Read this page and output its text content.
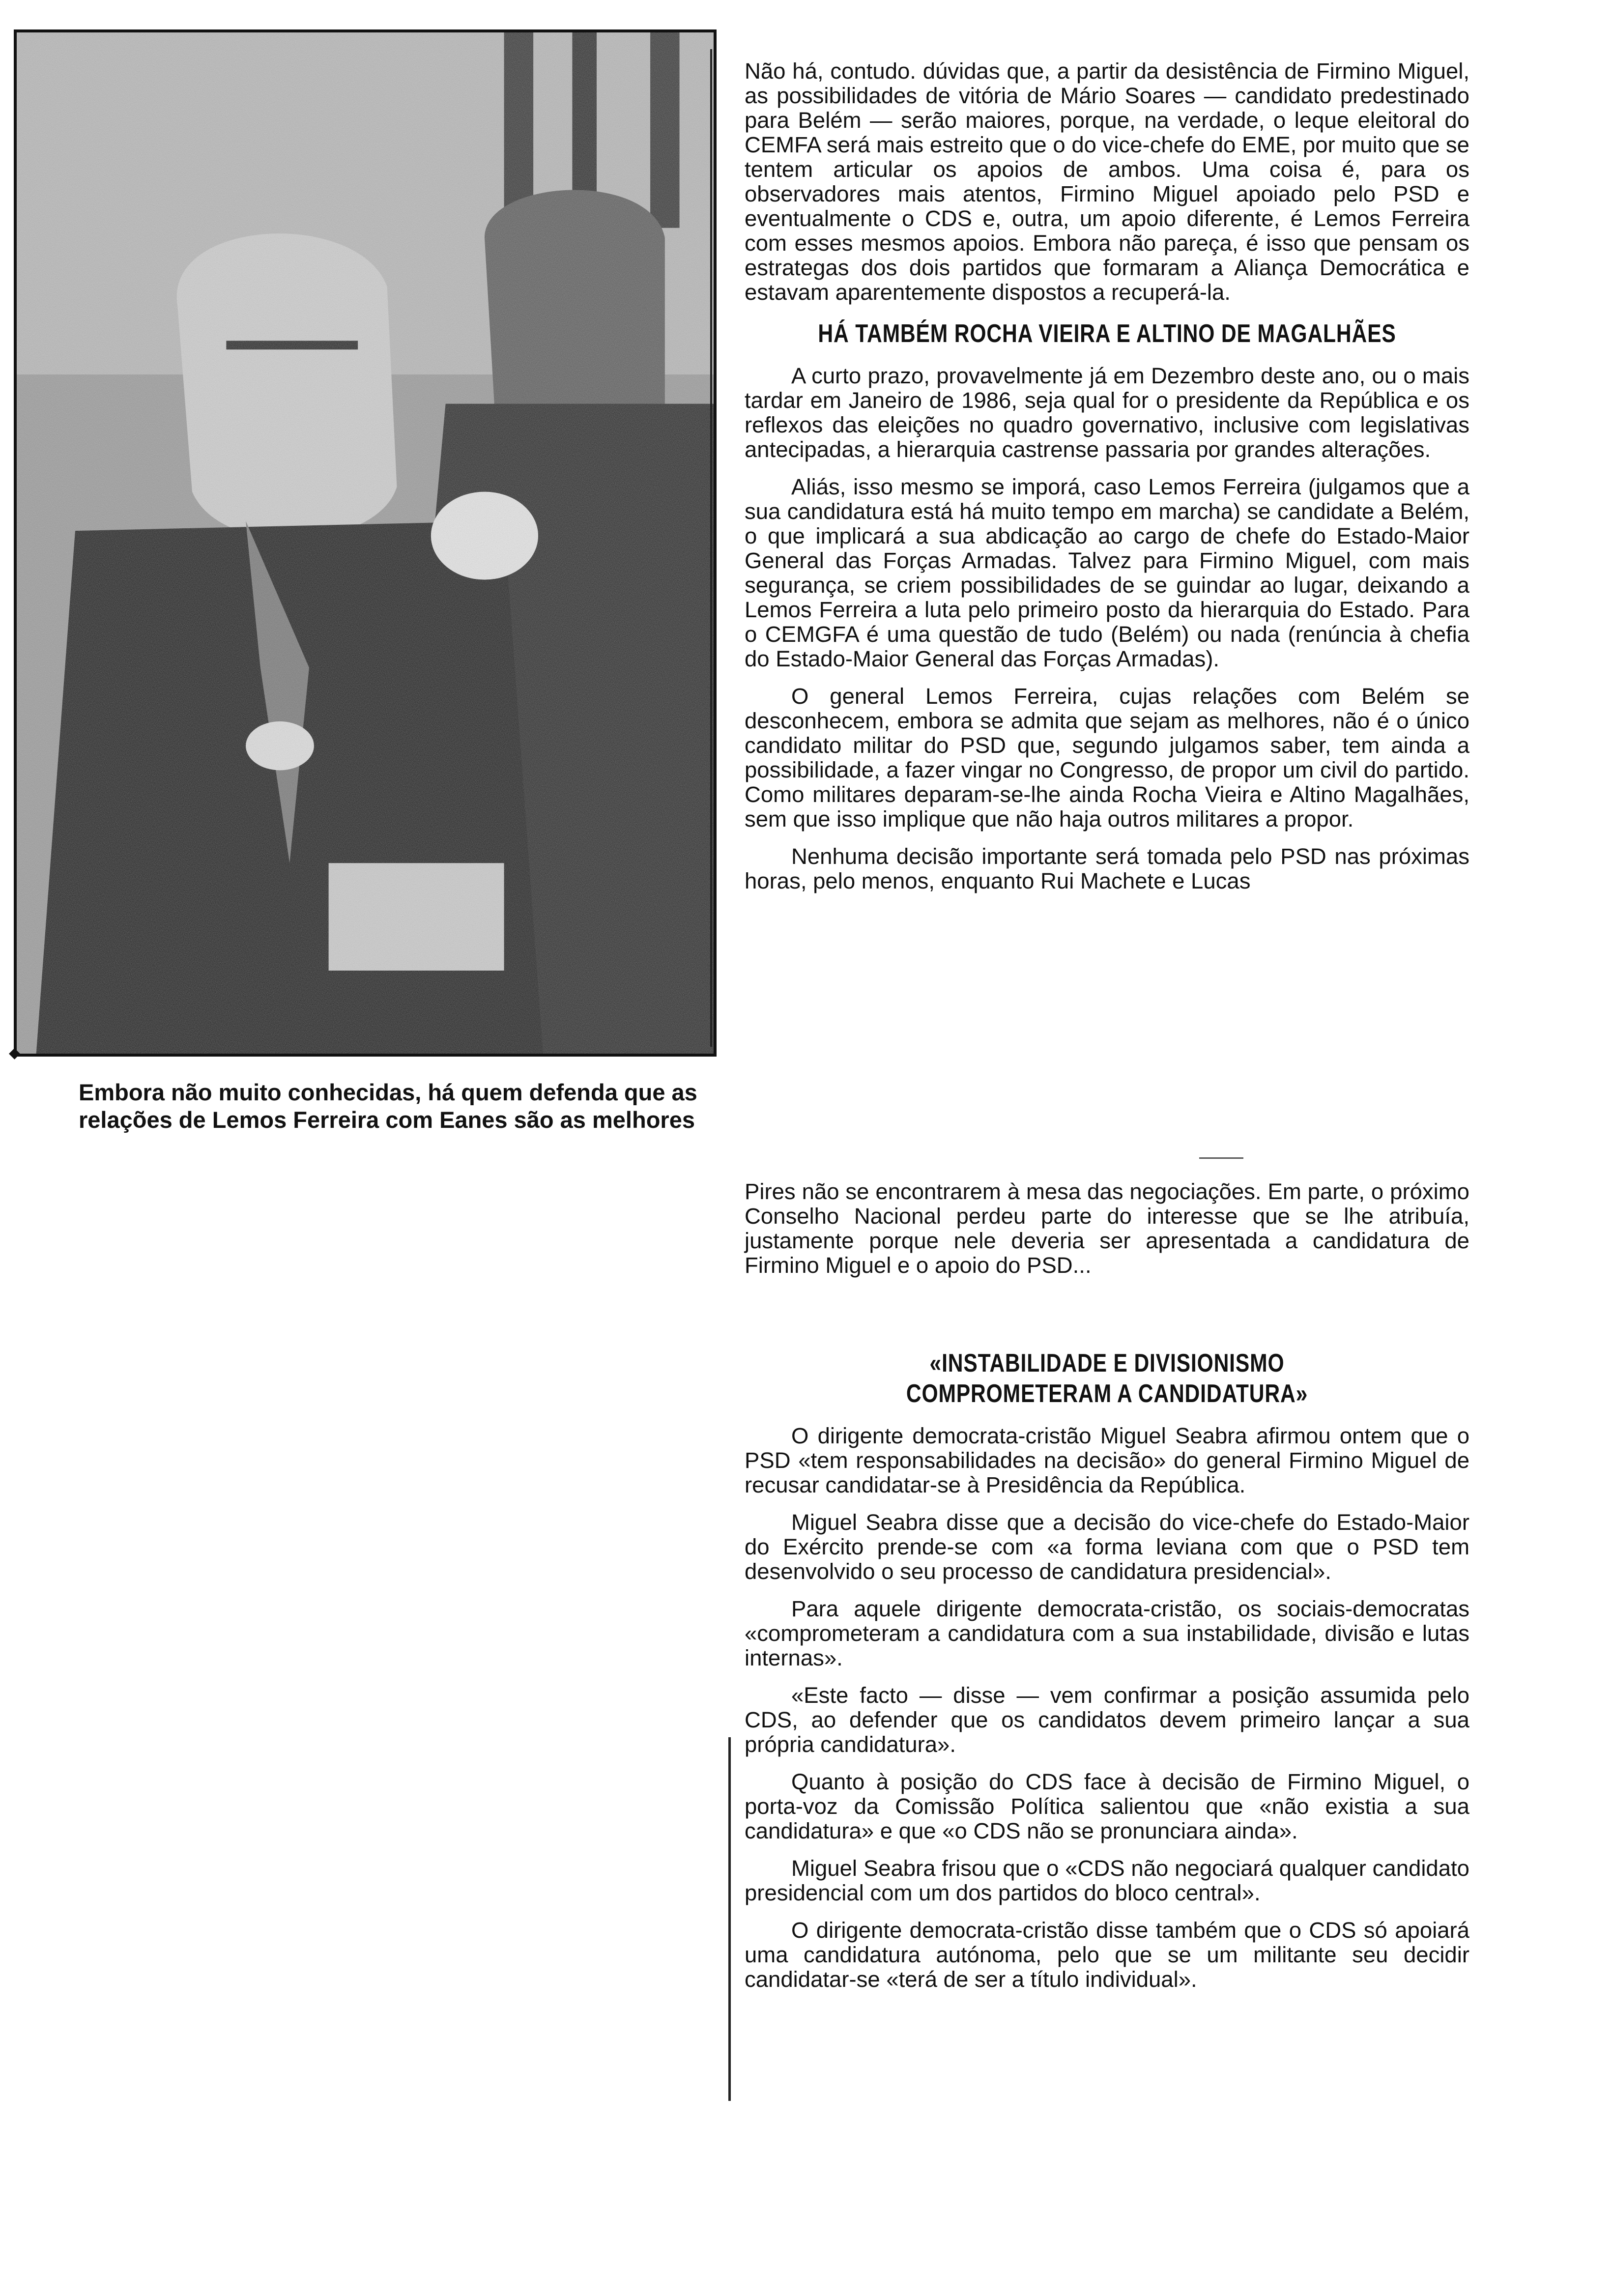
◆

Embora não muito conhecidas, há quem defenda que as relações de Lemos Ferreira com Eanes são as melhores

Não há, contudo. dúvidas que, a partir da desistência de Firmino Miguel, as possibilidades de vitória de Mário Soares — candidato predestinado para Belém — serão maiores, porque, na verdade, o leque eleitoral do CEMFA será mais estreito que o do vice-chefe do EME, por muito que se tentem articular os apoios de ambos. Uma coisa é, para os observadores mais atentos, Firmino Miguel apoiado pelo PSD e eventualmente o CDS e, outra, um apoio diferente, é Lemos Ferreira com esses mesmos apoios. Embora não pareça, é isso que pensam os estrategas dos dois partidos que formaram a Aliança Democrática e estavam aparentemente dispostos a recuperá-la.

HÁ TAMBÉM ROCHA VIEIRA E ALTINO DE MAGALHÃES

A curto prazo, provavelmente já em Dezembro deste ano, ou o mais tardar em Janeiro de 1986, seja qual for o presidente da República e os reflexos das eleições no quadro governativo, inclusive com legislativas antecipadas, a hierarquia castrense passaria por grandes alterações.

Aliás, isso mesmo se imporá, caso Lemos Ferreira (julgamos que a sua candidatura está há muito tempo em marcha) se candidate a Belém, o que implicará a sua abdicação ao cargo de chefe do Estado-Maior General das Forças Armadas. Talvez para Firmino Miguel, com mais segurança, se criem possibilidades de se guindar ao lugar, deixando a Lemos Ferreira a luta pelo primeiro posto da hierarquia do Estado. Para o CEMGFA é uma questão de tudo (Belém) ou nada (renúncia à chefia do Estado-Maior General das Forças Armadas).

O general Lemos Ferreira, cujas relações com Belém se desconhecem, embora se admita que sejam as melhores, não é o único candidato militar do PSD que, segundo julgamos saber, tem ainda a possibilidade, a fazer vingar no Congresso, de propor um civil do partido. Como militares deparam-se-lhe ainda Rocha Vieira e Altino Magalhães, sem que isso implique que não haja outros militares a propor.

Nenhuma decisão importante será tomada pelo PSD nas próximas horas, pelo menos, enquanto Rui Machete e Lucas

Pires não se encontrarem à mesa das negociações. Em parte, o próximo Conselho Nacional perdeu parte do interesse que se lhe atribuía, justamente porque nele deveria ser apresentada a candidatura de Firmino Miguel e o apoio do PSD...

«INSTABILIDADE E DIVISIONISMO
COMPROMETERAM A CANDIDATURA»

O dirigente democrata-cristão Miguel Seabra afirmou ontem que o PSD «tem responsabilidades na decisão» do general Firmino Miguel de recusar candidatar-se à Presidência da República.

Miguel Seabra disse que a decisão do vice-chefe do Estado-Maior do Exército prende-se com «a forma leviana com que o PSD tem desenvolvido o seu processo de candidatura presidencial».

Para aquele dirigente democrata-cristão, os sociais-democratas «comprometeram a candidatura com a sua instabilidade, divisão e lutas internas».

«Este facto — disse — vem confirmar a posição assumida pelo CDS, ao defender que os candidatos devem primeiro lançar a sua própria candidatura».

Quanto à posição do CDS face à decisão de Firmino Miguel, o porta-voz da Comissão Política salientou que «não existia a sua candidatura» e que «o CDS não se pronunciara ainda».

Miguel Seabra frisou que o «CDS não negociará qualquer candidato presidencial com um dos partidos do bloco central».

O dirigente democrata-cristão disse também que o CDS só apoiará uma candidatura autónoma, pelo que se um militante seu decidir candidatar-se «terá de ser a título individual».
